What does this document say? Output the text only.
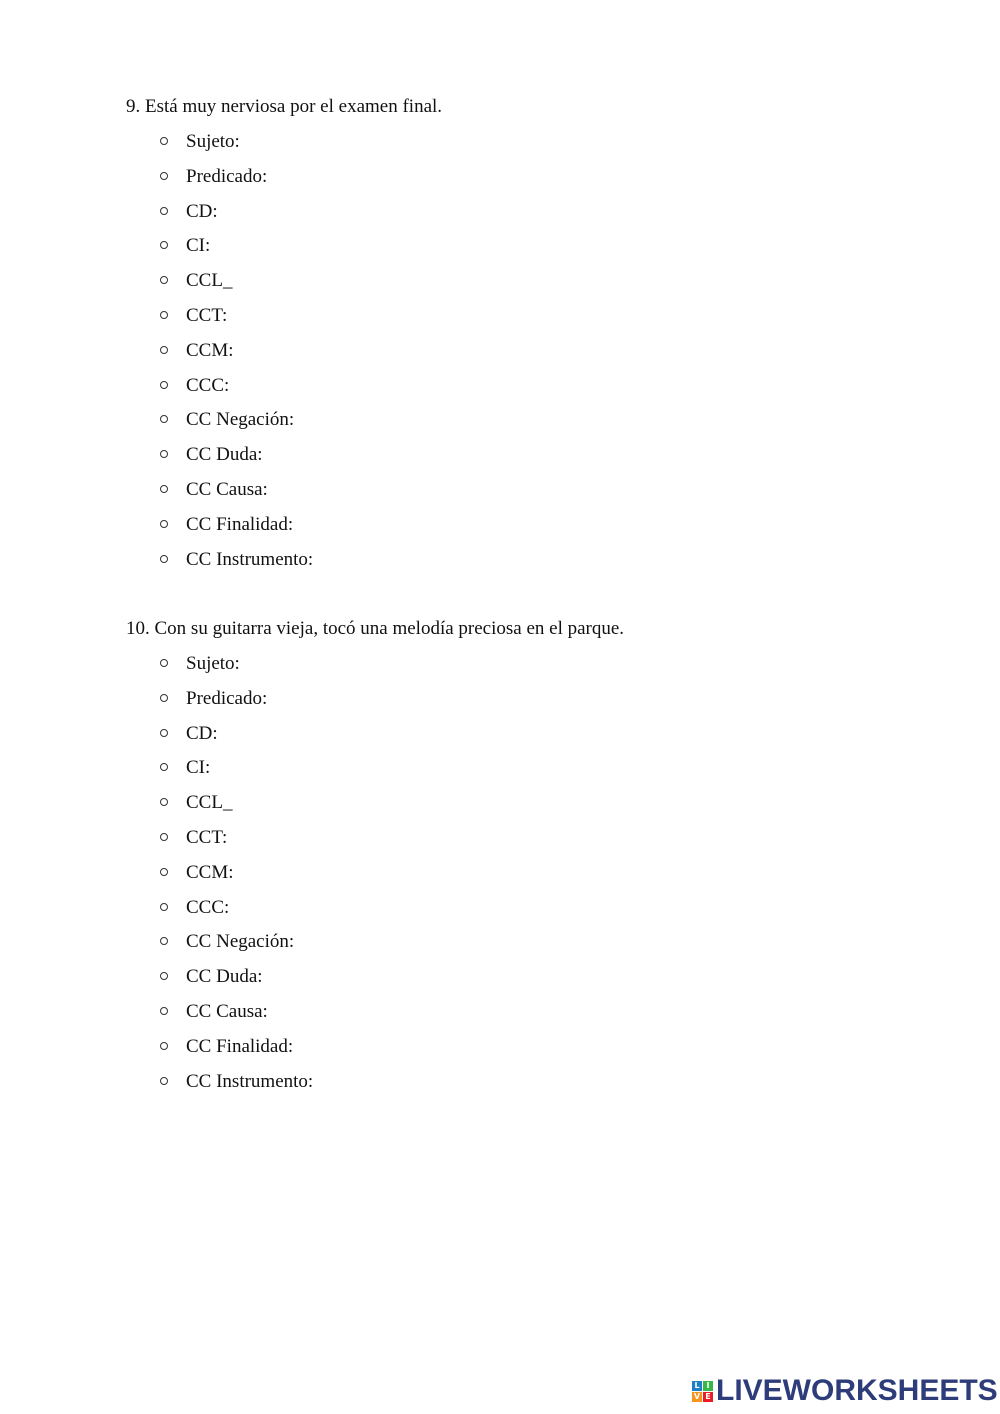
9. Está muy nerviosa por el examen final.

Sujeto:
Predicado:
CD:
CI:
CCL_
CCT:
CCM:
CCC:
CC Negación:
CC Duda:
CC Causa:
CC Finalidad:
CC Instrumento:

10. Con su guitarra vieja, tocó una melodía preciosa en el parque.

Sujeto:
Predicado:
CD:
CI:
CCL_
CCT:
CCM:
CCC:
CC Negación:
CC Duda:
CC Causa:
CC Finalidad:
CC Instrumento:
L I
V E LIVEWORKSHEETS
